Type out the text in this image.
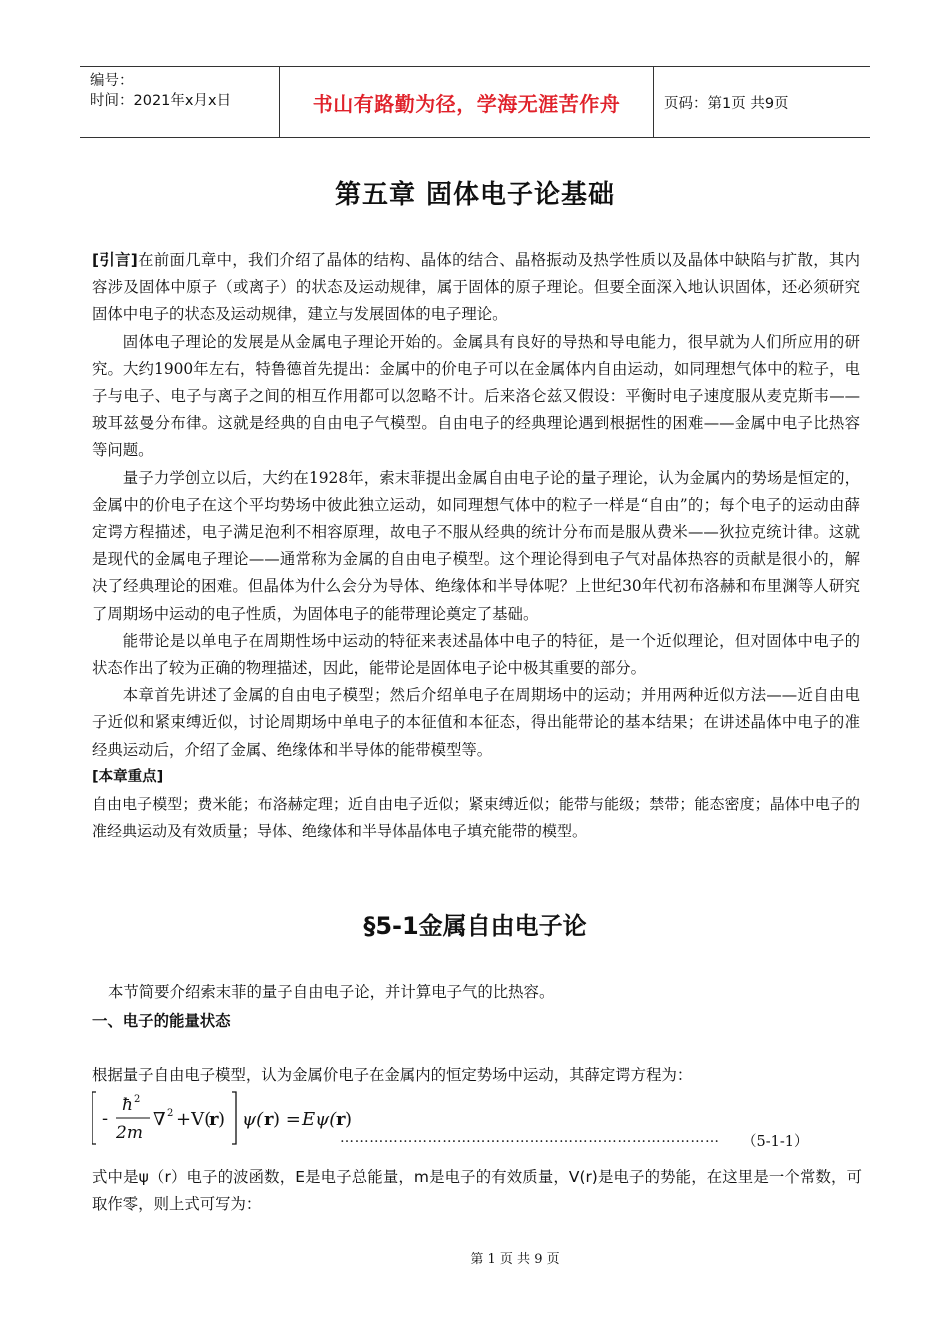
编号：
时间：2021年x月x日	书山有路勤为径，学海无涯苦作舟	页码：第1页 共9页
第五章 固体电子论基础

[引言]在前面几章中，我们介绍了晶体的结构、晶体的结合、晶格振动及热学性质以及晶体中缺陷与扩散，其内容涉及固体中原子（或离子）的状态及运动规律，属于固体的原子理论。但要全面深入地认识固体，还必须研究固体中电子的状态及运动规律，建立与发展固体的电子理论。

固体电子理论的发展是从金属电子理论开始的。金属具有良好的导热和导电能力，很早就为人们所应用的研究。大约1900年左右，特鲁德首先提出：金属中的价电子可以在金属体内自由运动，如同理想气体中的粒子，电子与电子、电子与离子之间的相互作用都可以忽略不计。后来洛仑兹又假设：平衡时电子速度服从麦克斯韦——玻耳兹曼分布律。这就是经典的自由电子气模型。自由电子的经典理论遇到根据性的困难——金属中电子比热容等问题。

量子力学创立以后，大约在1928年，索末菲提出金属自由电子论的量子理论，认为金属内的势场是恒定的，金属中的价电子在这个平均势场中彼此独立运动，如同理想气体中的粒子一样是“自由”的；每个电子的运动由薛定谔方程描述，电子满足泡利不相容原理，故电子不服从经典的统计分布而是服从费米——狄拉克统计律。这就是现代的金属电子理论——通常称为金属的自由电子模型。这个理论得到电子气对晶体热容的贡献是很小的，解决了经典理论的困难。但晶体为什么会分为导体、绝缘体和半导体呢？上世纪30年代初布洛赫和布里渊等人研究了周期场中运动的电子性质，为固体电子的能带理论奠定了基础。

能带论是以单电子在周期性场中运动的特征来表述晶体中电子的特征，是一个近似理论，但对固体中电子的状态作出了较为正确的物理描述，因此，能带论是固体电子论中极其重要的部分。

本章首先讲述了金属的自由电子模型；然后介绍单电子在周期场中的运动；并用两种近似方法——近自由电子近似和紧束缚近似，讨论周期场中单电子的本征值和本征态，得出能带论的基本结果；在讲述晶体中电子的准经典运动后，介绍了金属、绝缘体和半导体的能带模型等。

[本章重点]

自由电子模型；费米能；布洛赫定理；近自由电子近似；紧束缚近似；能带与能级；禁带；能态密度；晶体中电子的准经典运动及有效质量；导体、绝缘体和半导体晶体电子填充能带的模型。

§5-1金属自由电子论
本节简要介绍索末菲的量子自由电子论，并计算电子气的比热容。
一、电子的能量状态
根据量子自由电子模型，认为金属价电子在金属内的恒定势场中运动，其薛定谔方程为：
-
ħ 2
2m
∇ 2 +V(
r ) ψ( r ) = Eψ( r )
…………………………………………………………………… （5-1-1）
式中是ψ（r）电子的波函数，E是电子总能量，m是电子的有效质量，V(r)是电子的势能，在这里是一个常数，可取作零，则上式可写为：
第 1 页 共 9 页
